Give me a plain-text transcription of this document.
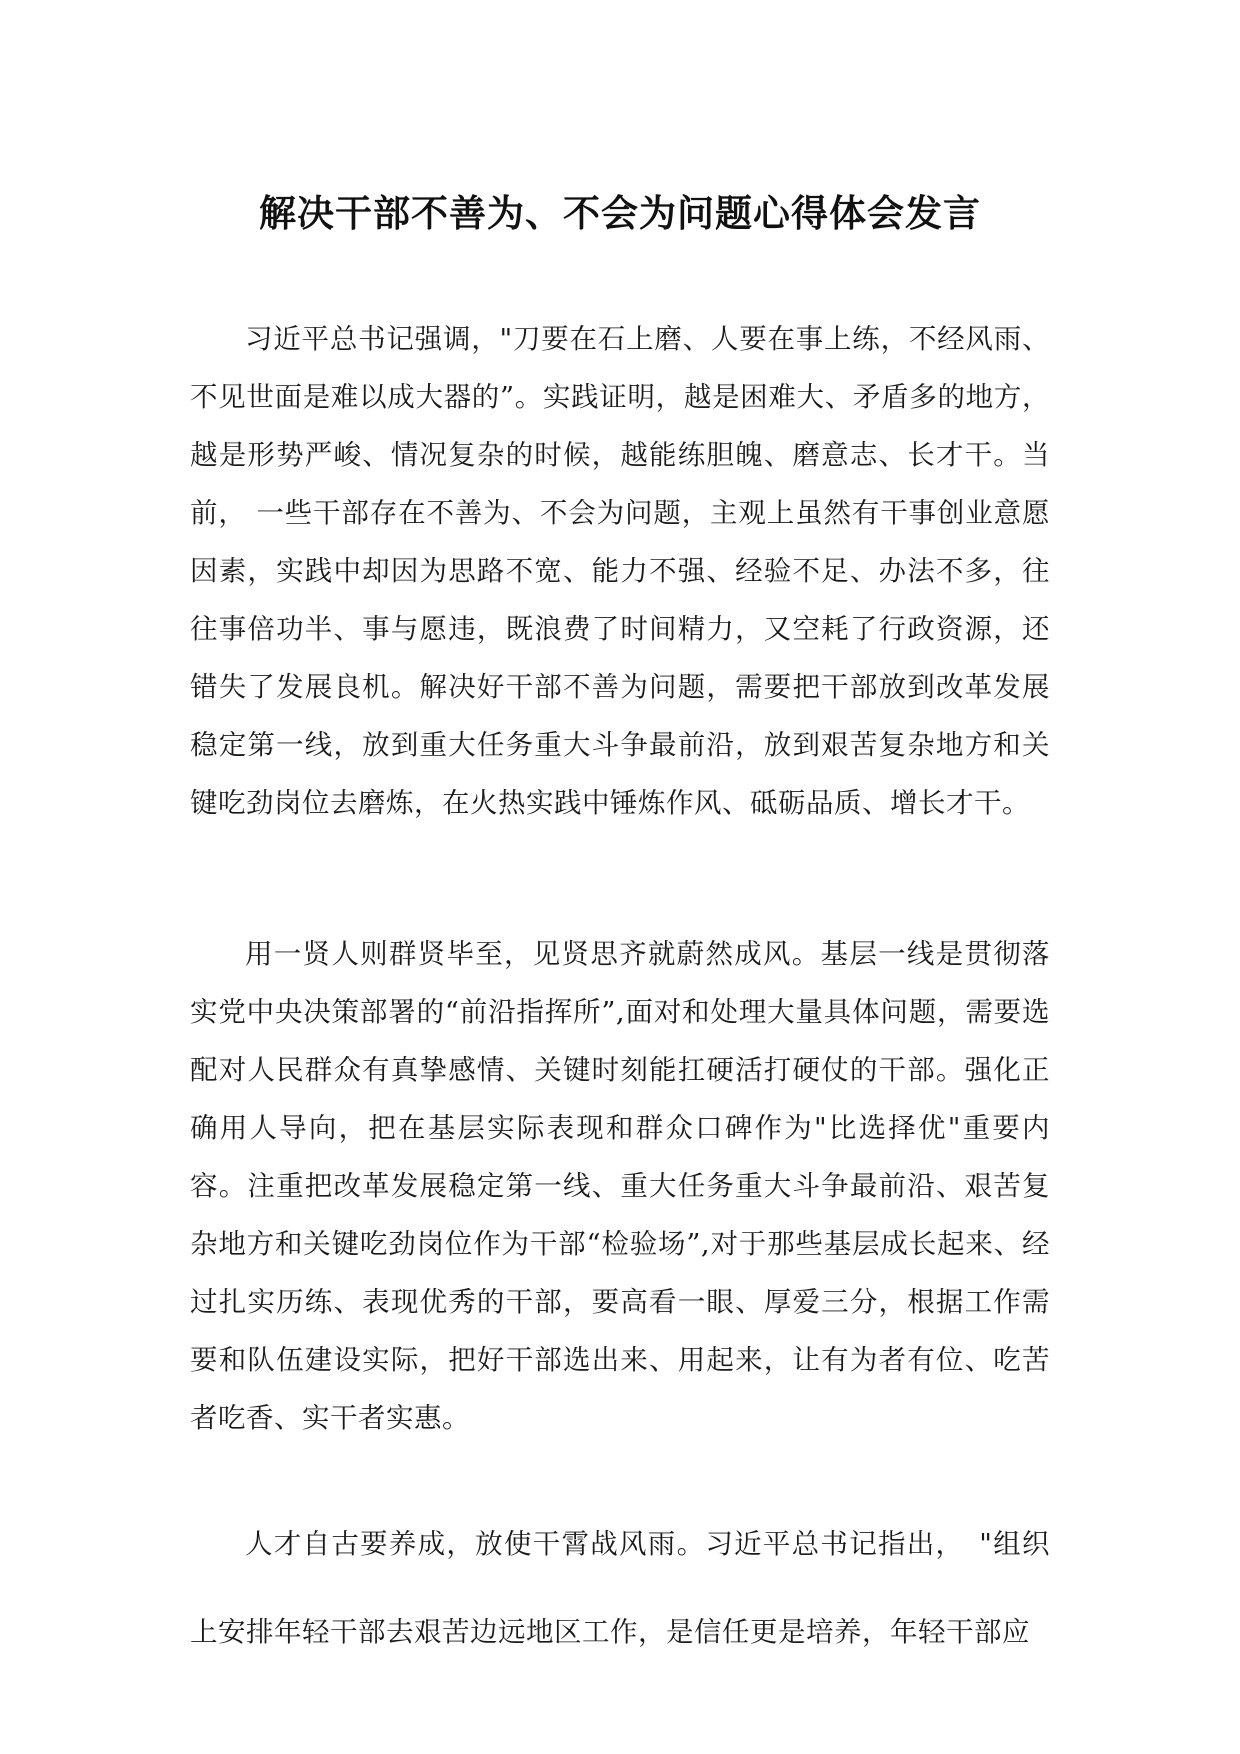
解决干部不善为、不会为问题心得体会发言

习近平总书记强调，"刀要在石上磨、人要在事上练，不经风雨、不见世面是难以成大器的”。实践证明，越是困难大、矛盾多的地方，越是形势严峻、情况复杂的时候，越能练胆魄、磨意志、长才干。当前， 一些干部存在不善为、不会为问题，主观上虽然有干事创业意愿因素，实践中却因为思路不宽、能力不强、经验不足、办法不多，往往事倍功半、事与愿违，既浪费了时间精力，又空耗了行政资源，还错失了发展良机。解决好干部不善为问题，需要把干部放到改革发展稳定第一线，放到重大任务重大斗争最前沿，放到艰苦复杂地方和关键吃劲岗位去磨炼，在火热实践中锤炼作风、砥砺品质、增长才干。

用一贤人则群贤毕至，见贤思齐就蔚然成风。基层一线是贯彻落实党中央决策部署的“前沿指挥所”,面对和处理大量具体问题，需要选配对人民群众有真挚感情、关键时刻能扛硬活打硬仗的干部。强化正确用人导向，把在基层实际表现和群众口碑作为"比选择优"重要内容。注重把改革发展稳定第一线、重大任务重大斗争最前沿、艰苦复杂地方和关键吃劲岗位作为干部“检验场”,对于那些基层成长起来、经过扎实历练、表现优秀的干部，要高看一眼、厚爱三分，根据工作需要和队伍建设实际，把好干部选出来、用起来，让有为者有位、吃苦者吃香、实干者实惠。

人才自古要养成，放使干霄战风雨。习近平总书记指出，　"组织上安排年轻干部去艰苦边远地区工作，是信任更是培养，年轻干部应
